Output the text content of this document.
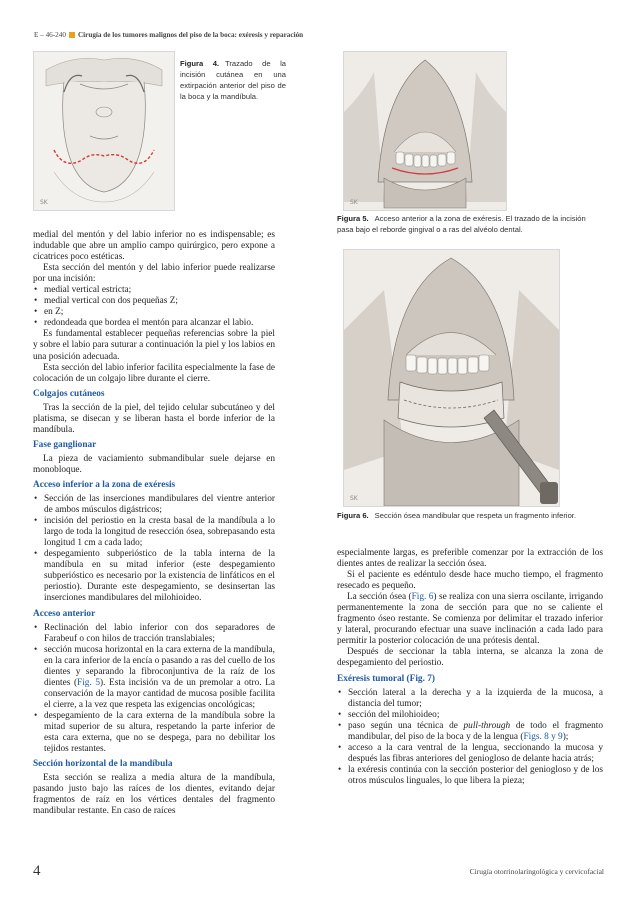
E – 46-240 Cirugía de los tumores malignos del piso de la boca: exéresis y reparación
SK
Figura 4. Trazado de la incisión cutánea en una extirpación anterior del piso de la boca y la mandíbula.
SK
Figura 5. Acceso anterior a la zona de exéresis. El trazado de la incisión pasa bajo el reborde gingival o a ras del alvéolo dental.
SK
Figura 6. Sección ósea mandibular que respeta un fragmento inferior.

medial del mentón y del labio inferior no es indispensable; es indudable que abre un amplio campo quirúrgico, pero expone a cicatrices poco estéticas.

Esta sección del mentón y del labio inferior puede realizarse por una incisión:

• medial vertical estricta;
• medial vertical con dos pequeñas Z;
• en Z;
• redondeada que bordea el mentón para alcanzar el labio.

Es fundamental establecer pequeñas referencias sobre la piel y sobre el labio para suturar a continuación la piel y los labios en una posición adecuada.

Esta sección del labio inferior facilita especialmente la fase de colocación de un colgajo libre durante el cierre.

Colgajos cutáneos

Tras la sección de la piel, del tejido celular subcutáneo y del platisma, se disecan y se liberan hasta el borde inferior de la mandíbula.

Fase ganglionar

La pieza de vaciamiento submandibular suele dejarse en monobloque.

Acceso inferior a la zona de exéresis
• Sección de las inserciones mandibulares del vientre anterior de ambos músculos digástricos;
• incisión del periostio en la cresta basal de la mandíbula a lo largo de toda la longitud de resección ósea, sobrepasando esta longitud 1 cm a cada lado;
• despegamiento subperióstico de la tabla interna de la mandíbula en su mitad inferior (este despegamiento subperióstico es necesario por la existencia de linfáticos en el periostio). Durante este despegamiento, se desinsertan las inserciones mandibulares del milohioideo.
Acceso anterior
• Reclinación del labio inferior con dos separadores de Farabeuf o con hilos de tracción translabiales;
• sección mucosa horizontal en la cara externa de la mandíbula, en la cara inferior de la encía o pasando a ras del cuello de los dientes y separando la fibroconjuntiva de la raíz de los dientes (Fig. 5). Esta incisión va de un premolar a otro. La conservación de la mayor cantidad de mucosa posible facilita el cierre, a la vez que respeta las exigencias oncológicas;
• despegamiento de la cara externa de la mandíbula sobre la mitad superior de su altura, respetando la parte inferior de esta cara externa, que no se despega, para no debilitar los tejidos restantes.
Sección horizontal de la mandíbula

Esta sección se realiza a media altura de la mandíbula, pasando justo bajo las raíces de los dientes, evitando dejar fragmentos de raíz en los vértices dentales del fragmento mandibular restante. En caso de raíces

especialmente largas, es preferible comenzar por la extracción de los dientes antes de realizar la sección ósea.

Si el paciente es edéntulo desde hace mucho tiempo, el fragmento resecado es pequeño.

La sección ósea (Fig. 6) se realiza con una sierra oscilante, irrigando permanentemente la zona de sección para que no se caliente el fragmento óseo restante. Se comienza por delimitar el trazado inferior y lateral, procurando efectuar una suave inclinación a cada lado para permitir la posterior colocación de una prótesis dental.

Después de seccionar la tabla interna, se alcanza la zona de despegamiento del periostio.

Exéresis tumoral (Fig. 7)
• Sección lateral a la derecha y a la izquierda de la mucosa, a distancia del tumor;
• sección del milohioideo;
• paso según una técnica de pull-through de todo el fragmento mandibular, del piso de la boca y de la lengua (Figs. 8 y 9);
• acceso a la cara ventral de la lengua, seccionando la mucosa y después las fibras anteriores del geniogloso de delante hacia atrás;
• la exéresis continúa con la sección posterior del geniogloso y de los otros músculos linguales, lo que libera la pieza;
4	Cirugía otorrinolaringológica y cervicofacial
